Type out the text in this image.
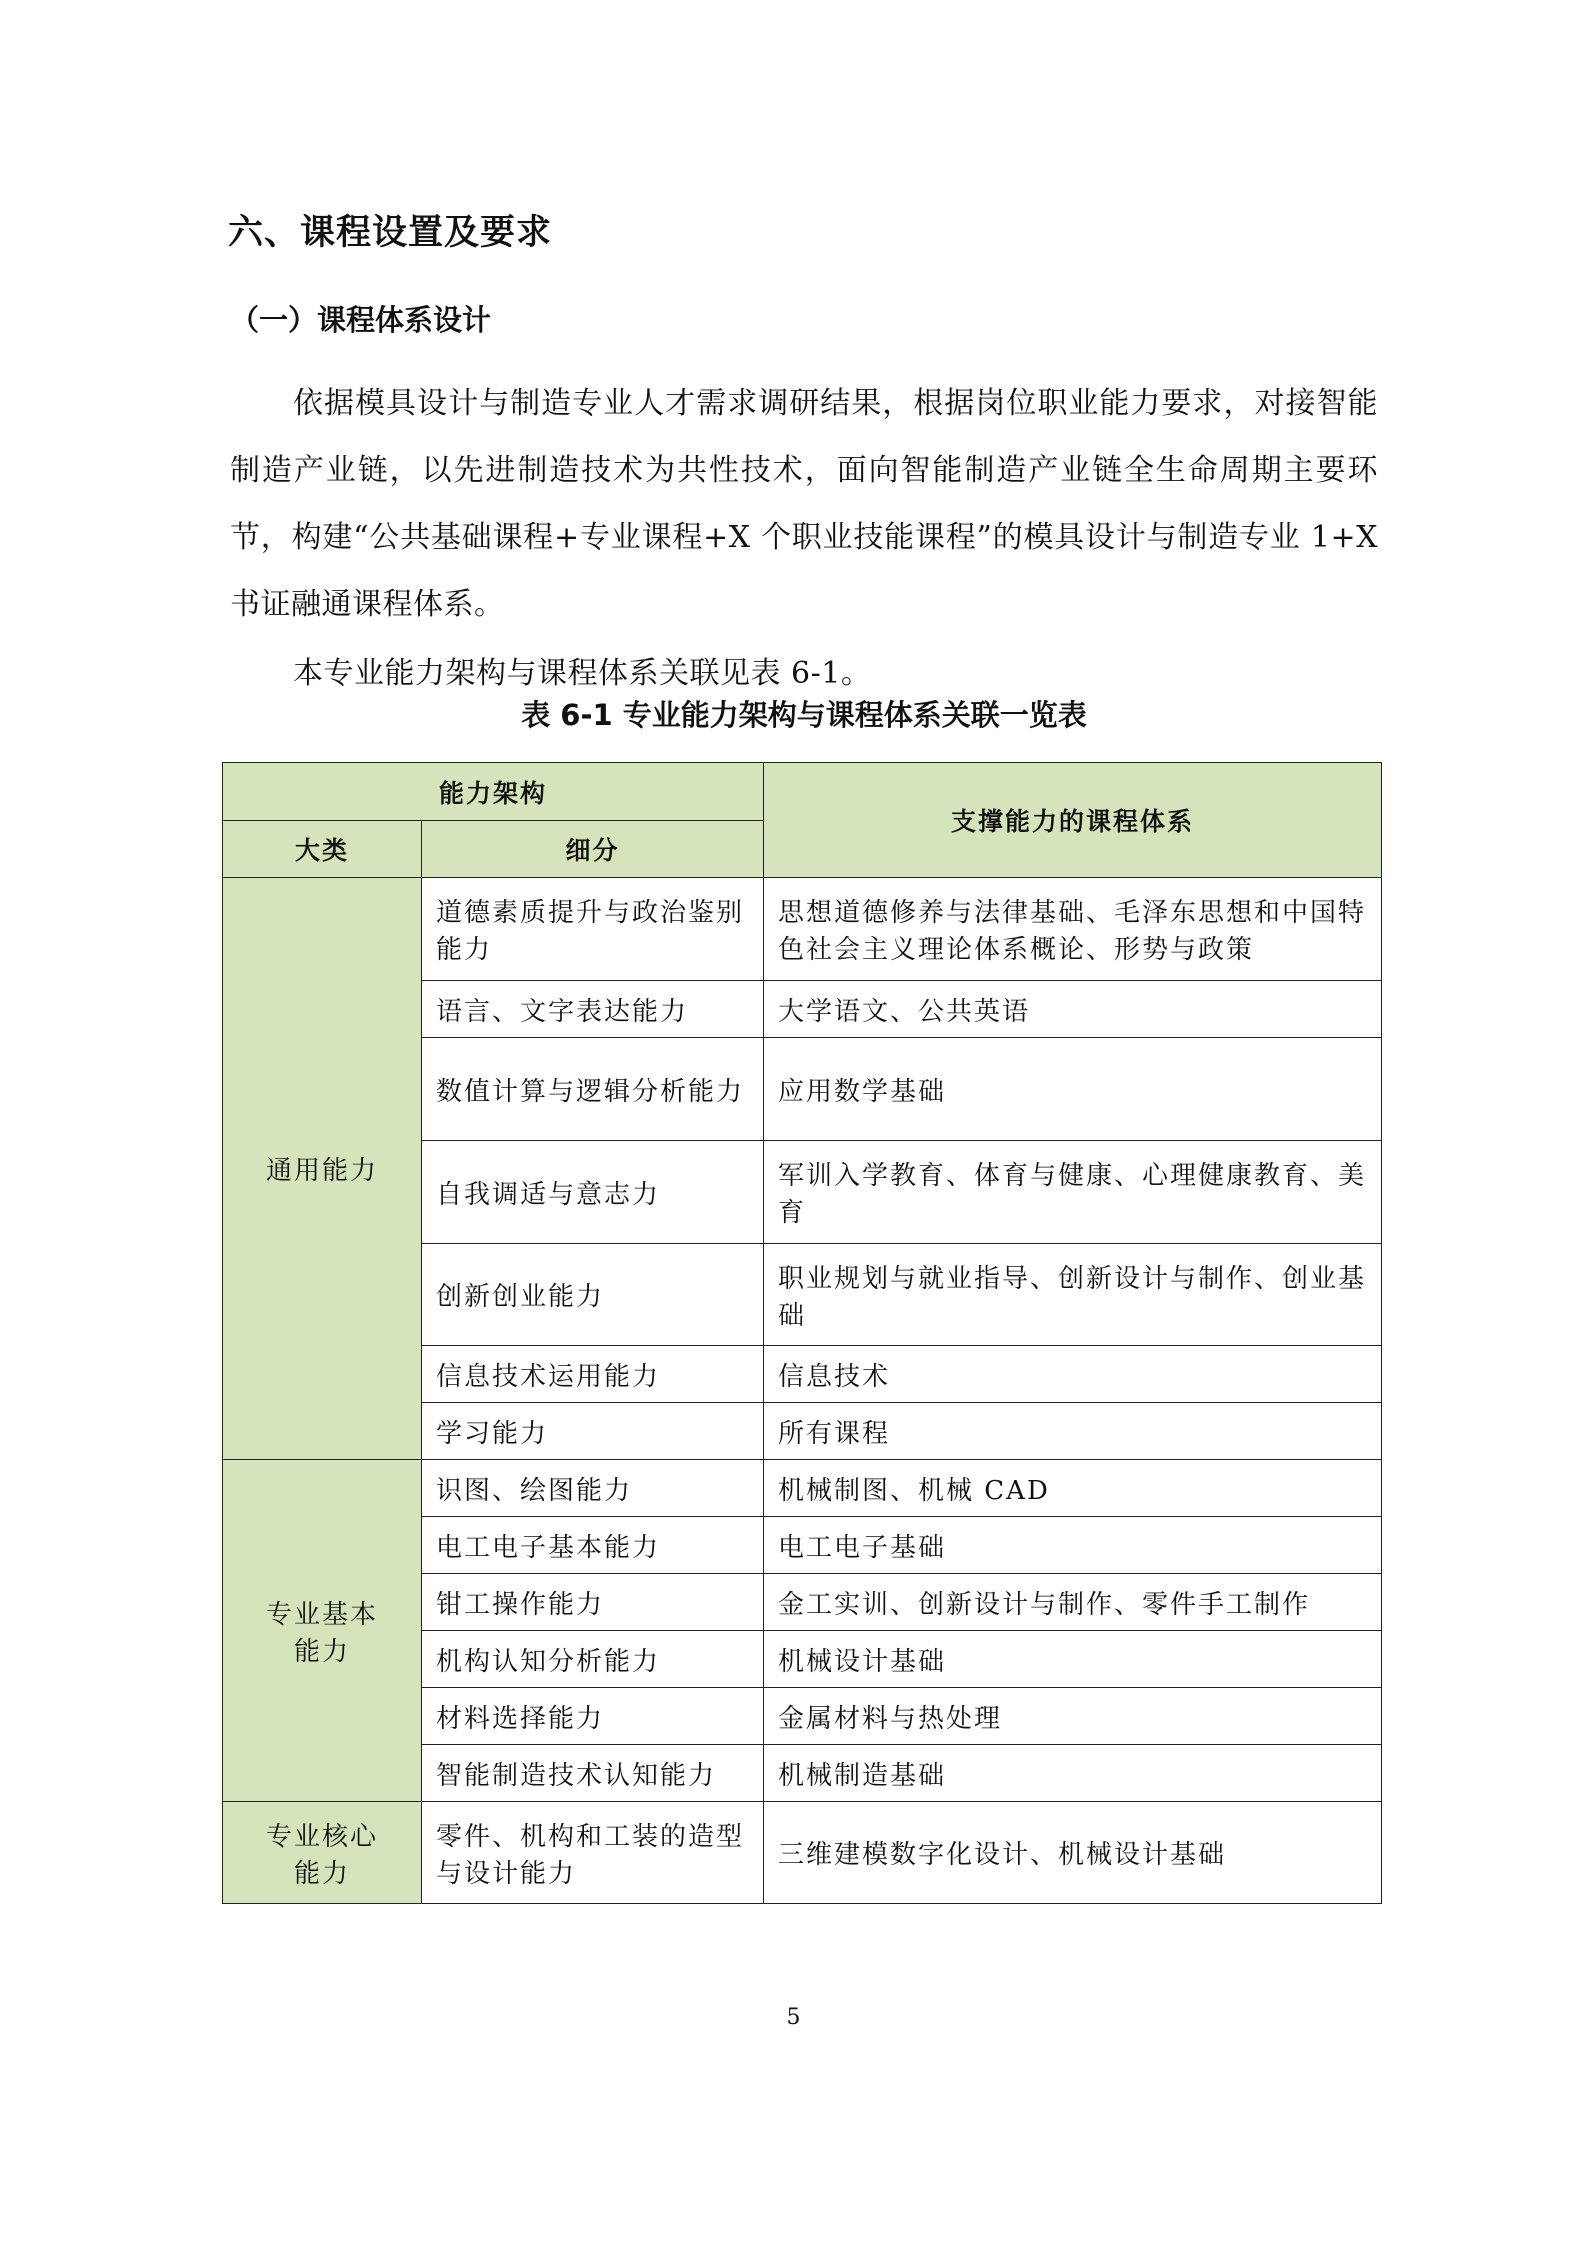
六、课程设置及要求
（一）课程体系设计
依据模具设计与制造专业人才需求调研结果，根据岗位职业能力要求，对接智能制造产业链，以先进制造技术为共性技术，面向智能制造产业链全生命周期主要环节，构建“公共基础课程+专业课程+X 个职业技能课程”的模具设计与制造专业 1+X 书证融通课程体系。
本专业能力架构与课程体系关联见表 6-1。
表 6-1 专业能力架构与课程体系关联一览表
能力架构		支撑能力的课程体系
大类	细分	
通用能力	道德素质提升与政治鉴别能力	思想道德修养与法律基础、毛泽东思想和中国特色社会主义理论体系概论、形势与政策
	语言、文字表达能力	大学语文、公共英语
	数值计算与逻辑分析能力	应用数学基础
	自我调适与意志力	军训入学教育、体育与健康、心理健康教育、美育
	创新创业能力	职业规划与就业指导、创新设计与制作、创业基础
	信息技术运用能力	信息技术
	学习能力	所有课程
专业基本能力	识图、绘图能力	机械制图、机械 CAD
	电工电子基本能力	电工电子基础
	钳工操作能力	金工实训、创新设计与制作、零件手工制作
	机构认知分析能力	机械设计基础
	材料选择能力	金属材料与热处理
	智能制造技术认知能力	机械制造基础
专业核心能力	零件、机构和工装的造型与设计能力	三维建模数字化设计、机械设计基础
5
